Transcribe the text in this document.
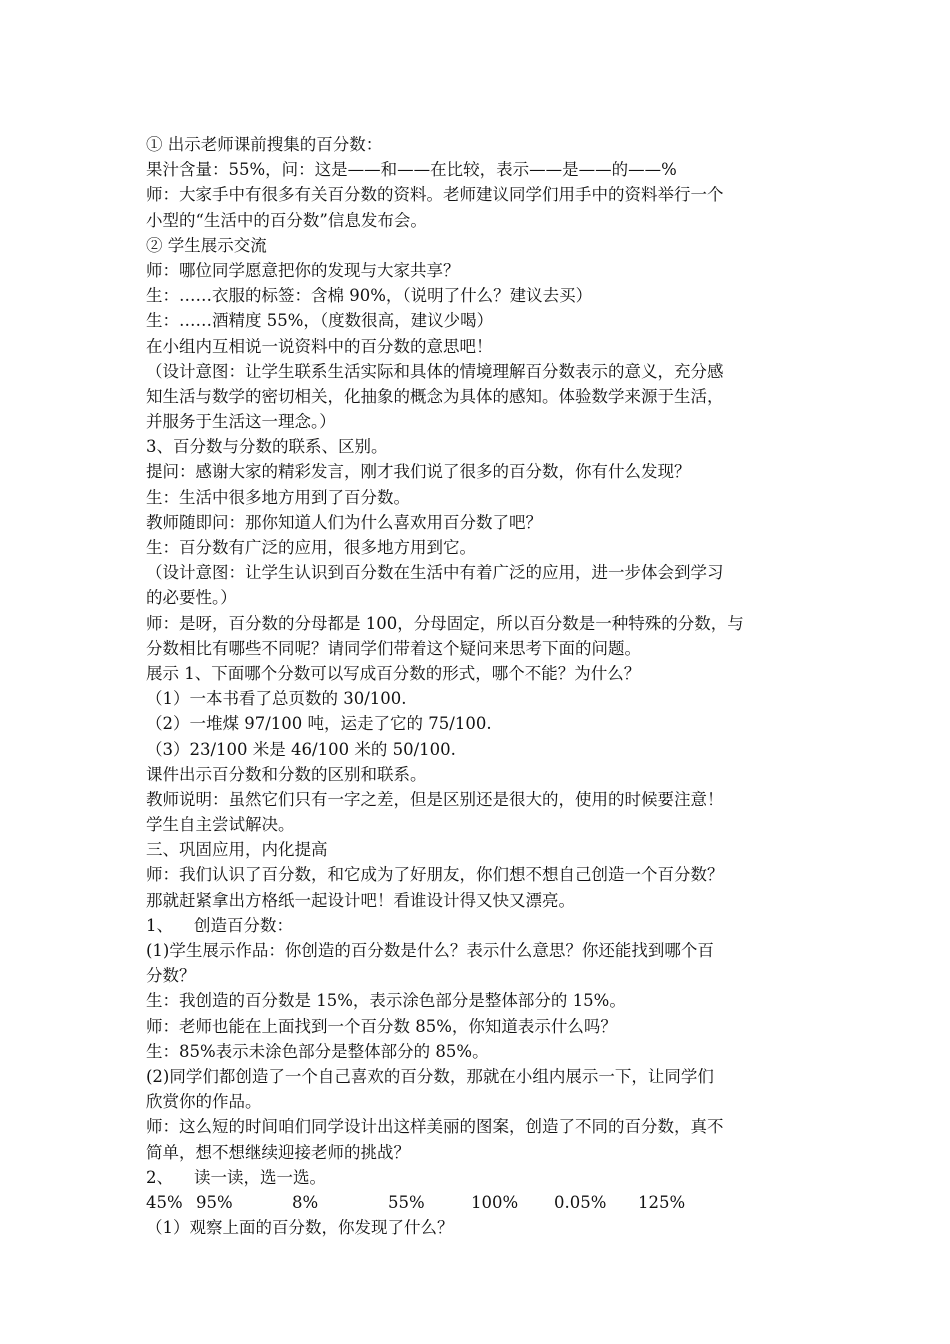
① 出示老师课前搜集的百分数：
果汁含量：55%，问：这是——和——在比较，表示——是——的——%
师：大家手中有很多有关百分数的资料。老师建议同学们用手中的资料举行一个
小型的“生活中的百分数”信息发布会。
② 学生展示交流
师：哪位同学愿意把你的发现与大家共享？
生：……衣服的标签：含棉 90%，（说明了什么？建议去买）
生：……酒精度 55%，（度数很高，建议少喝）
在小组内互相说一说资料中的百分数的意思吧！
（设计意图：让学生联系生活实际和具体的情境理解百分数表示的意义，充分感
知生活与数学的密切相关，化抽象的概念为具体的感知。体验数学来源于生活，
并服务于生活这一理念。）
3、百分数与分数的联系、区别。
提问：感谢大家的精彩发言，刚才我们说了很多的百分数，你有什么发现？
生：生活中很多地方用到了百分数。
教师随即问：那你知道人们为什么喜欢用百分数了吧？
生：百分数有广泛的应用，很多地方用到它。
（设计意图：让学生认识到百分数在生活中有着广泛的应用，进一步体会到学习
的必要性。）
师：是呀，百分数的分母都是 100，分母固定，所以百分数是一种特殊的分数，与
分数相比有哪些不同呢？请同学们带着这个疑问来思考下面的问题。
展示 1、下面哪个分数可以写成百分数的形式，哪个不能？为什么？
（1）一本书看了总页数的 30/100.
（2）一堆煤 97/100 吨，运走了它的 75/100.
（3）23/100 米是 46/100 米的 50/100.
课件出示百分数和分数的区别和联系。
教师说明：虽然它们只有一字之差，但是区别还是很大的，使用的时候要注意！
学生自主尝试解决。
三、巩固应用，内化提高
师：我们认识了百分数，和它成为了好朋友，你们想不想自己创造一个百分数？
那就赶紧拿出方格纸一起设计吧！看谁设计得又快又漂亮。
1、    创造百分数：
(1)学生展示作品：你创造的百分数是什么？表示什么意思？你还能找到哪个百
分数？
生：我创造的百分数是 15%，表示涂色部分是整体部分的 15%。
师：老师也能在上面找到一个百分数 85%，你知道表示什么吗？
生：85%表示未涂色部分是整体部分的 85%。
(2)同学们都创造了一个自己喜欢的百分数，那就在小组内展示一下，让同学们
欣赏你的作品。
师：这么短的时间咱们同学设计出这样美丽的图案，创造了不同的百分数，真不
简单，想不想继续迎接老师的挑战？
2、    读一读，选一选。
45% 95%	8%	55%	100%	0.05%	125%
（1）观察上面的百分数，你发现了什么？
